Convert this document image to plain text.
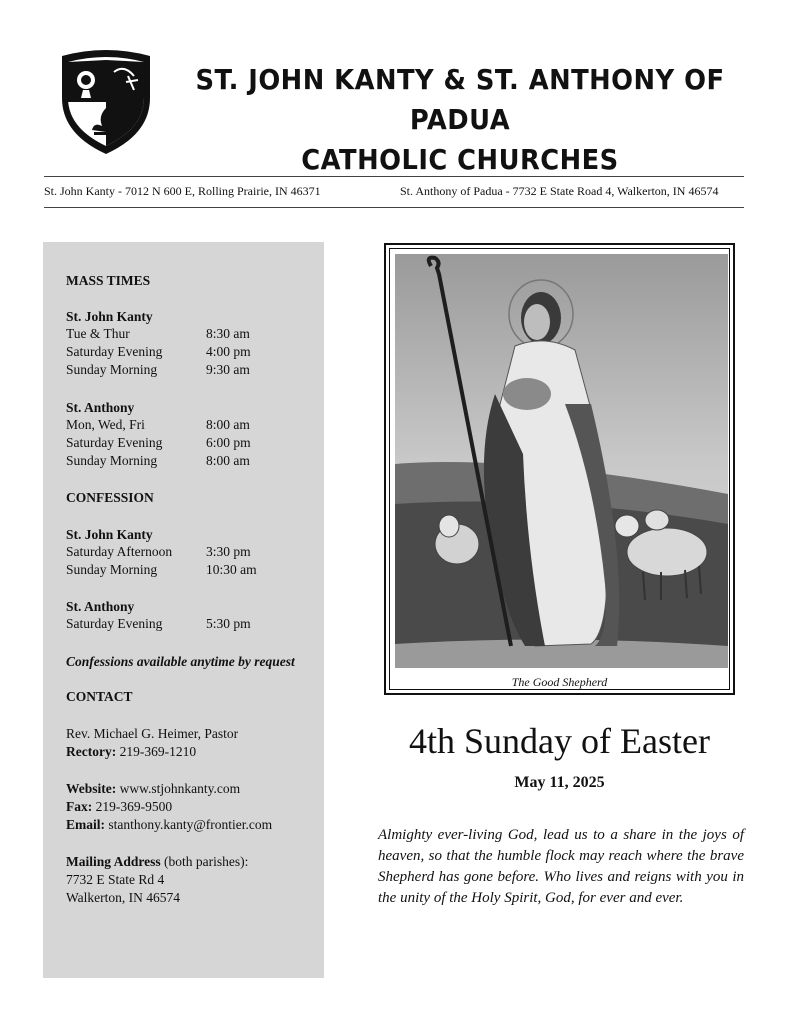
ST. JOHN KANTY & ST. ANTHONY OF PADUA
CATHOLIC CHURCHES
St. John Kanty - 7012 N 600 E, Rolling Prairie, IN 46371	St. Anthony of Padua - 7732 E State Road 4, Walkerton, IN 46574
MASS TIMES
St. John Kanty
Tue & Thur	8:30 am
Saturday Evening	4:00 pm
Sunday Morning	9:30 am
St. Anthony
Mon, Wed, Fri	8:00 am
Saturday Evening	6:00 pm
Sunday Morning	8:00 am
CONFESSION
St. John Kanty
Saturday Afternoon	3:30 pm
Sunday Morning	10:30 am
St. Anthony
Saturday Evening	5:30 pm
Confessions available anytime by request
CONTACT
Rev. Michael G. Heimer, Pastor
Rectory: 219-369-1210
Website: www.stjohnkanty.com
Fax: 219-369-9500
Email: stanthony.kanty@frontier.com
Mailing Address (both parishes):
7732 E State Rd 4
Walkerton, IN 46574
The Good Shepherd
4th Sunday of Easter
May 11, 2025
Almighty ever-living God, lead us to a share in the joys of heaven, so that the humble flock may reach where the brave Shepherd has gone before. Who lives and reigns with you in the unity of the Holy Spirit, God, for ever and ever.
